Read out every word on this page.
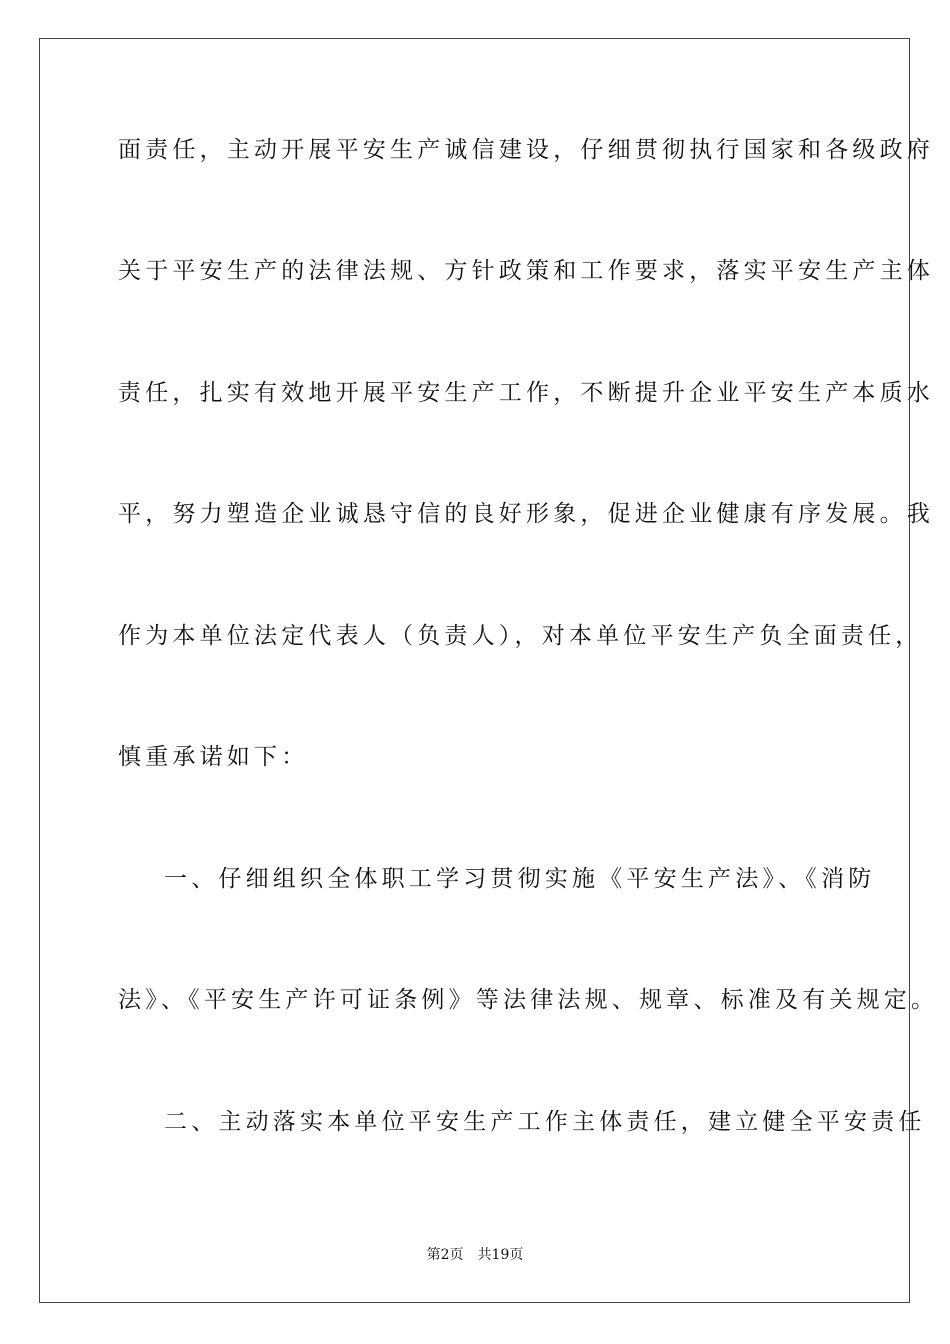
面责任，主动开展平安生产诚信建设，仔细贯彻执行国家和各级政府
关于平安生产的法律法规、方针政策和工作要求，落实平安生产主体
责任，扎实有效地开展平安生产工作，不断提升企业平安生产本质水
平，努力塑造企业诚恳守信的良好形象，促进企业健康有序发展。我
作为本单位法定代表人（负责人），对本单位平安生产负全面责任，
慎重承诺如下：
一、仔细组织全体职工学习贯彻实施《平安生产法》、《消防
法》、《平安生产许可证条例》等法律法规、规章、标准及有关规定。
二、主动落实本单位平安生产工作主体责任，建立健全平安责任
第2页　共19页
